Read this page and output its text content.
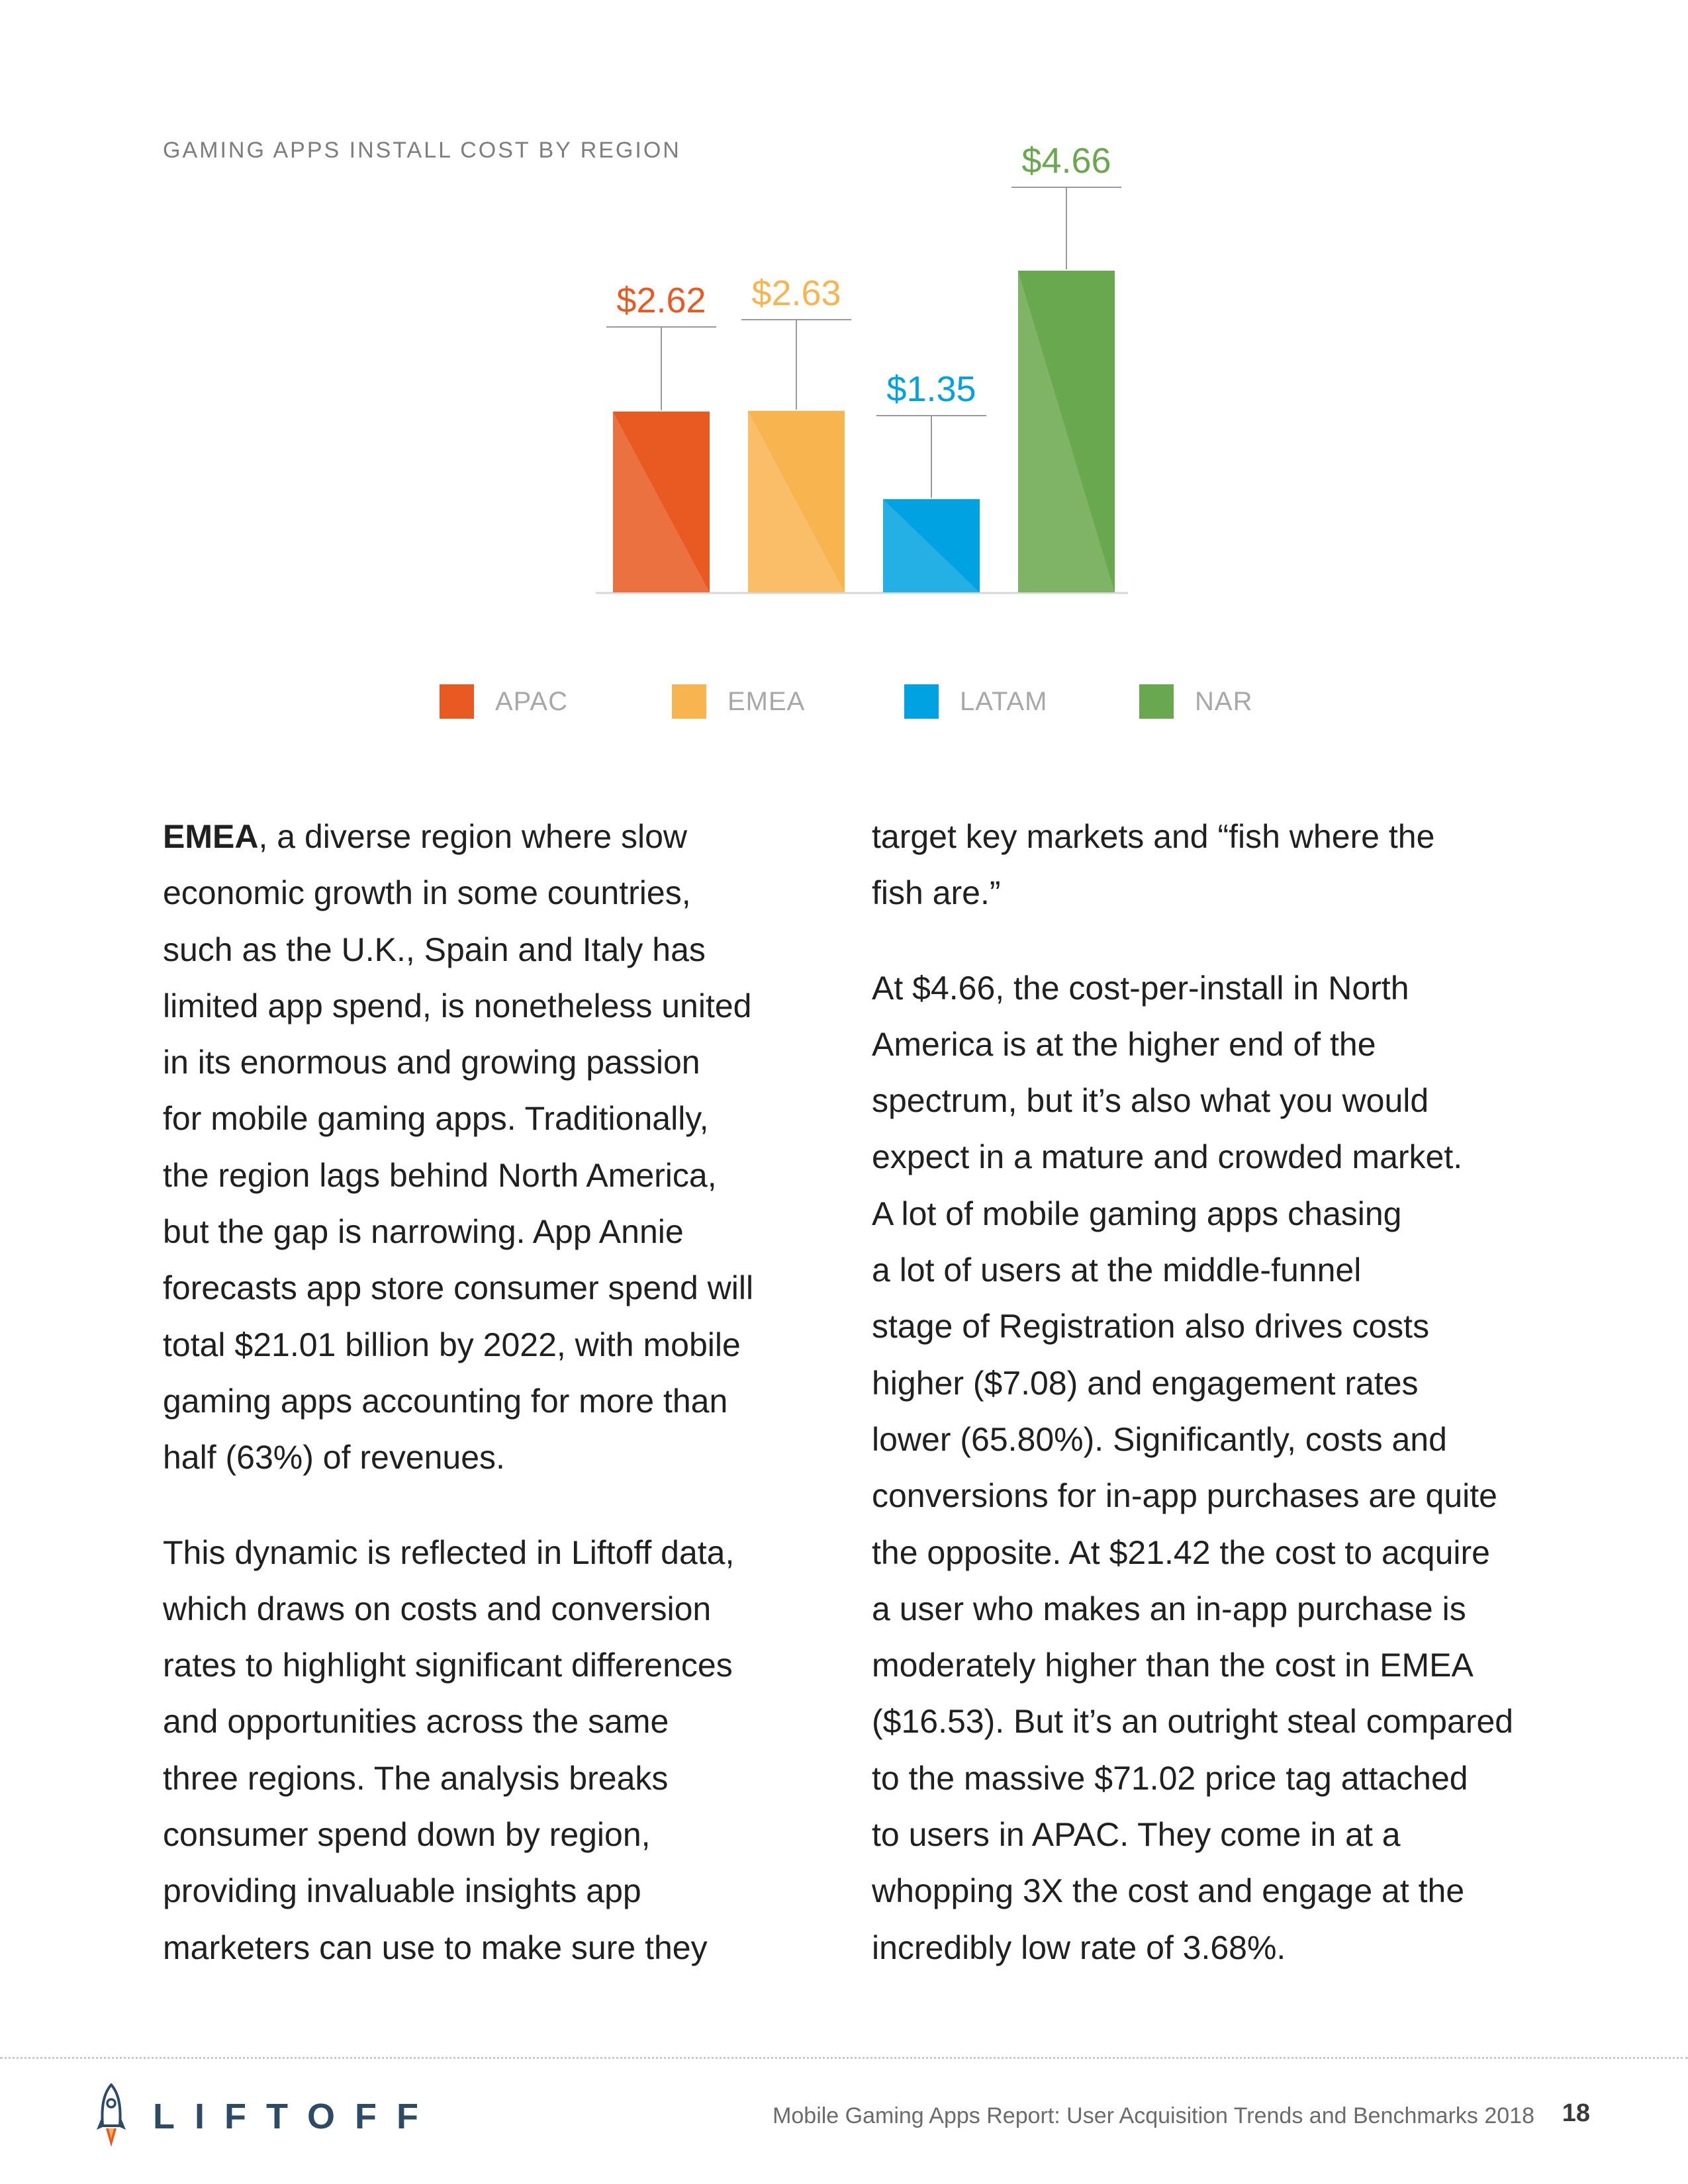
GAMING APPS INSTALL COST BY REGION
$2.62 $2.63
$1.35
$4.66
APAC	EMEA	LATAM	NAR

EMEA, a diverse region where slow
economic growth in some countries,
such as the U.K., Spain and Italy has
limited app spend, is nonetheless united
in its enormous and growing passion
for mobile gaming apps. Traditionally,
the region lags behind North America,
but the gap is narrowing. App Annie
forecasts app store consumer spend will
total $21.01 billion by 2022, with mobile
gaming apps accounting for more than
half (63%) of revenues.

This dynamic is reflected in Liftoff data,
which draws on costs and conversion
rates to highlight significant differences
and opportunities across the same
three regions. The analysis breaks
consumer spend down by region,
providing invaluable insights app
marketers can use to make sure they

target key markets and “fish where the
fish are.”

At $4.66, the cost-per-install in North
America is at the higher end of the
spectrum, but it’s also what you would
expect in a mature and crowded market.
A lot of mobile gaming apps chasing
a lot of users at the middle-funnel
stage of Registration also drives costs
higher ($7.08) and engagement rates
lower (65.80%). Significantly, costs and
conversions for in-app purchases are quite
the opposite. At $21.42 the cost to acquire
a user who makes an in-app purchase is
moderately higher than the cost in EMEA
($16.53). But it’s an outright steal compared
to the massive $71.02 price tag attached
to users in APAC. They come in at a
whopping 3X the cost and engage at the
incredibly low rate of 3.68%.

LIFTOFF	Mobile Gaming Apps Report: User Acquisition Trends and Benchmarks 2018 18
